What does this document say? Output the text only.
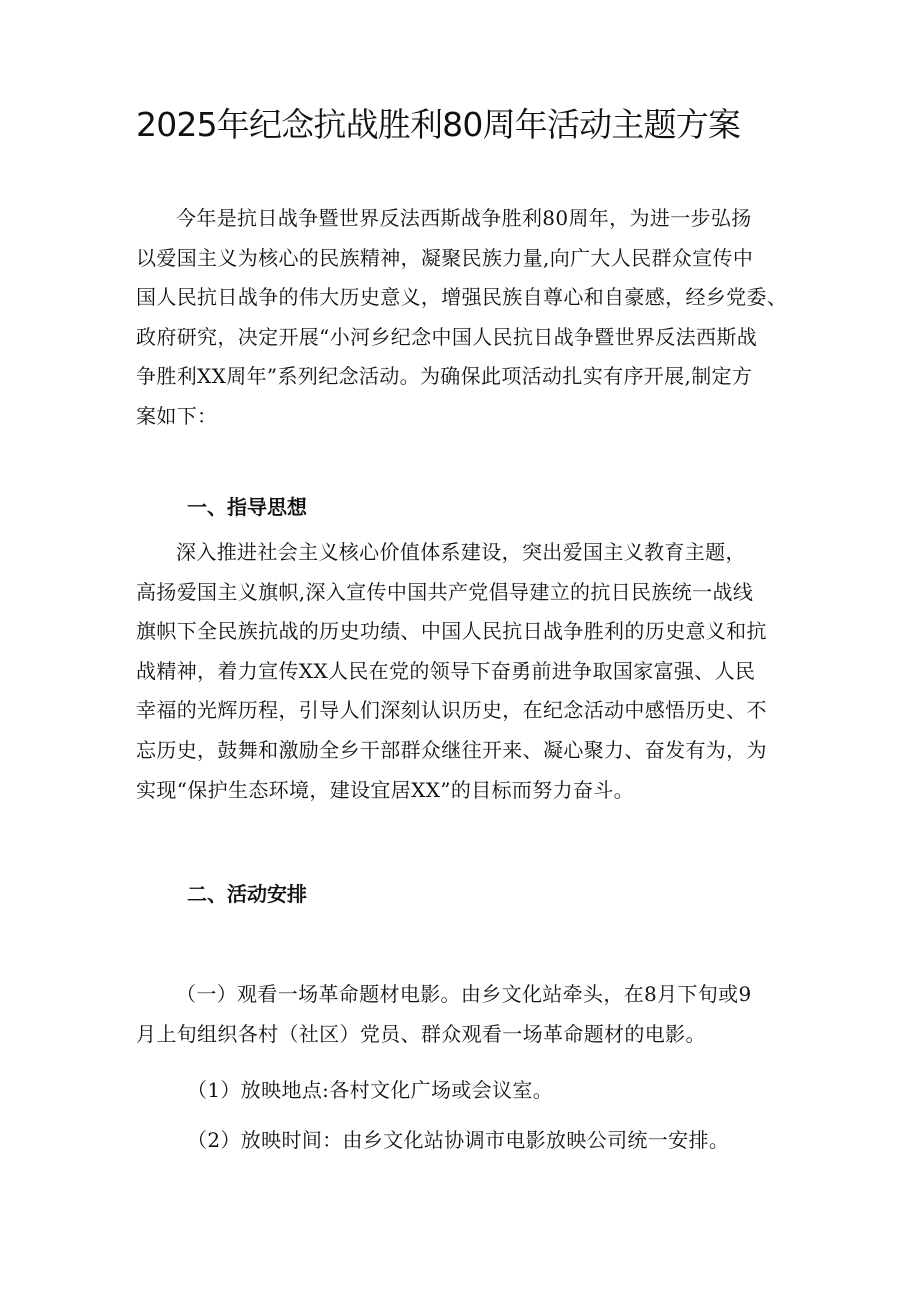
2025年纪念抗战胜利80周年活动主题方案

今年是抗日战争暨世界反法西斯战争胜利80周年，为进一步弘扬
以爱国主义为核心的民族精神，凝聚民族力量,向广大人民群众宣传中
国人民抗日战争的伟大历史意义，增强民族自尊心和自豪感，经乡党委、
政府研究，决定开展“小河乡纪念中国人民抗日战争暨世界反法西斯战
争胜利XX周年”系列纪念活动。为确保此项活动扎实有序开展,制定方
案如下：

一、指导思想

深入推进社会主义核心价值体系建设，突出爱国主义教育主题，
高扬爱国主义旗帜,深入宣传中国共产党倡导建立的抗日民族统一战线
旗帜下全民族抗战的历史功绩、中国人民抗日战争胜利的历史意义和抗
战精神，着力宣传XX人民在党的领导下奋勇前进争取国家富强、人民
幸福的光辉历程，引导人们深刻认识历史，在纪念活动中感悟历史、不
忘历史，鼓舞和激励全乡干部群众继往开来、凝心聚力、奋发有为，为
实现“保护生态环境，建设宜居XX”的目标而努力奋斗。

二、活动安排

（一）观看一场革命题材电影。由乡文化站牵头，在8月下旬或9
月上旬组织各村（社区）党员、群众观看一场革命题材的电影。

（1）放映地点:各村文化广场或会议室。

（2）放映时间：由乡文化站协调市电影放映公司统一安排。
